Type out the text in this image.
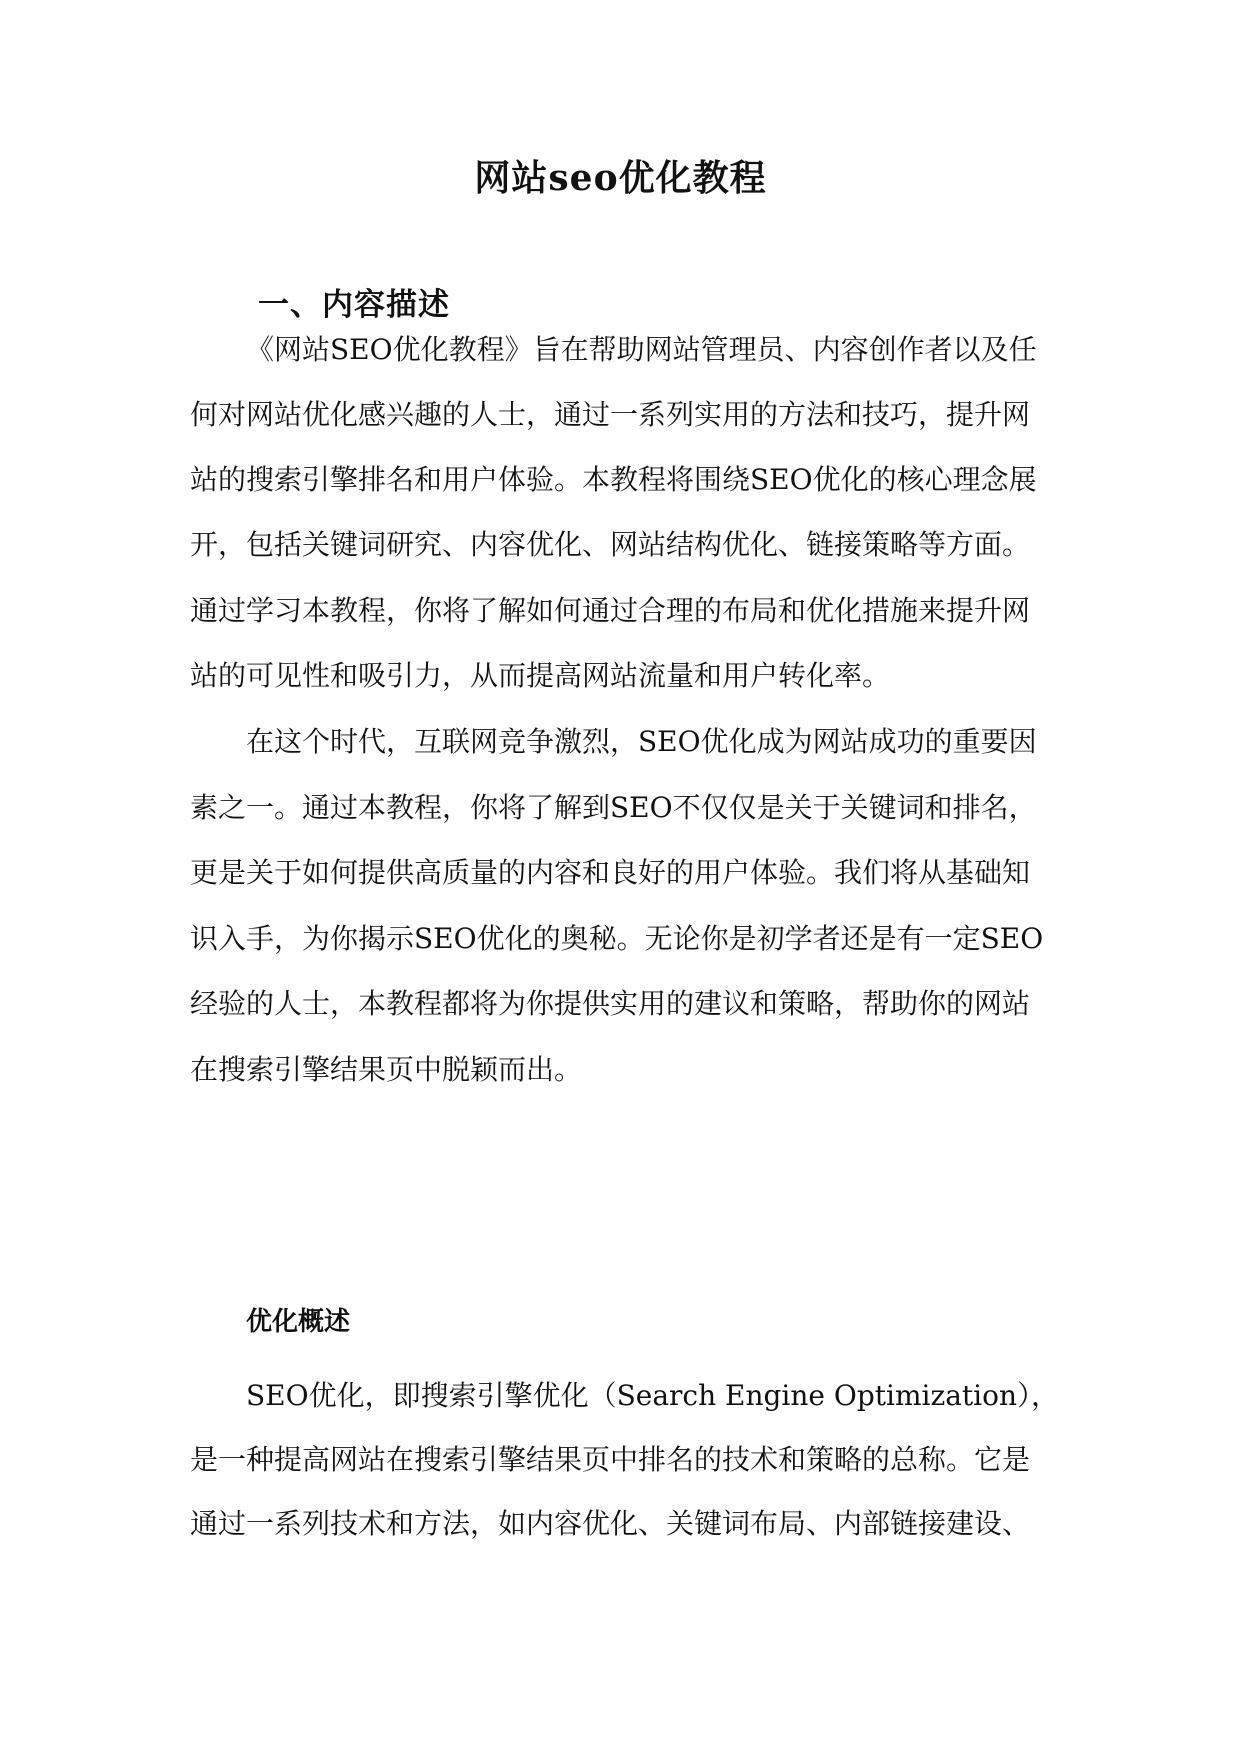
网站seo优化教程
一、内容描述
《网站SEO优化教程》旨在帮助网站管理员、内容创作者以及任
何对网站优化感兴趣的人士，通过一系列实用的方法和技巧，提升网
站的搜索引擎排名和用户体验。本教程将围绕SEO优化的核心理念展
开，包括关键词研究、内容优化、网站结构优化、链接策略等方面。
通过学习本教程，你将了解如何通过合理的布局和优化措施来提升网
站的可见性和吸引力，从而提高网站流量和用户转化率。
在这个时代，互联网竞争激烈，SEO优化成为网站成功的重要因
素之一。通过本教程，你将了解到SEO不仅仅是关于关键词和排名，
更是关于如何提供高质量的内容和良好的用户体验。我们将从基础知
识入手，为你揭示SEO优化的奥秘。无论你是初学者还是有一定SEO
经验的人士，本教程都将为你提供实用的建议和策略，帮助你的网站
在搜索引擎结果页中脱颖而出。
优化概述
SEO优化，即搜索引擎优化（Search Engine Optimization），
是一种提高网站在搜索引擎结果页中排名的技术和策略的总称。它是
通过一系列技术和方法，如内容优化、关键词布局、内部链接建设、
